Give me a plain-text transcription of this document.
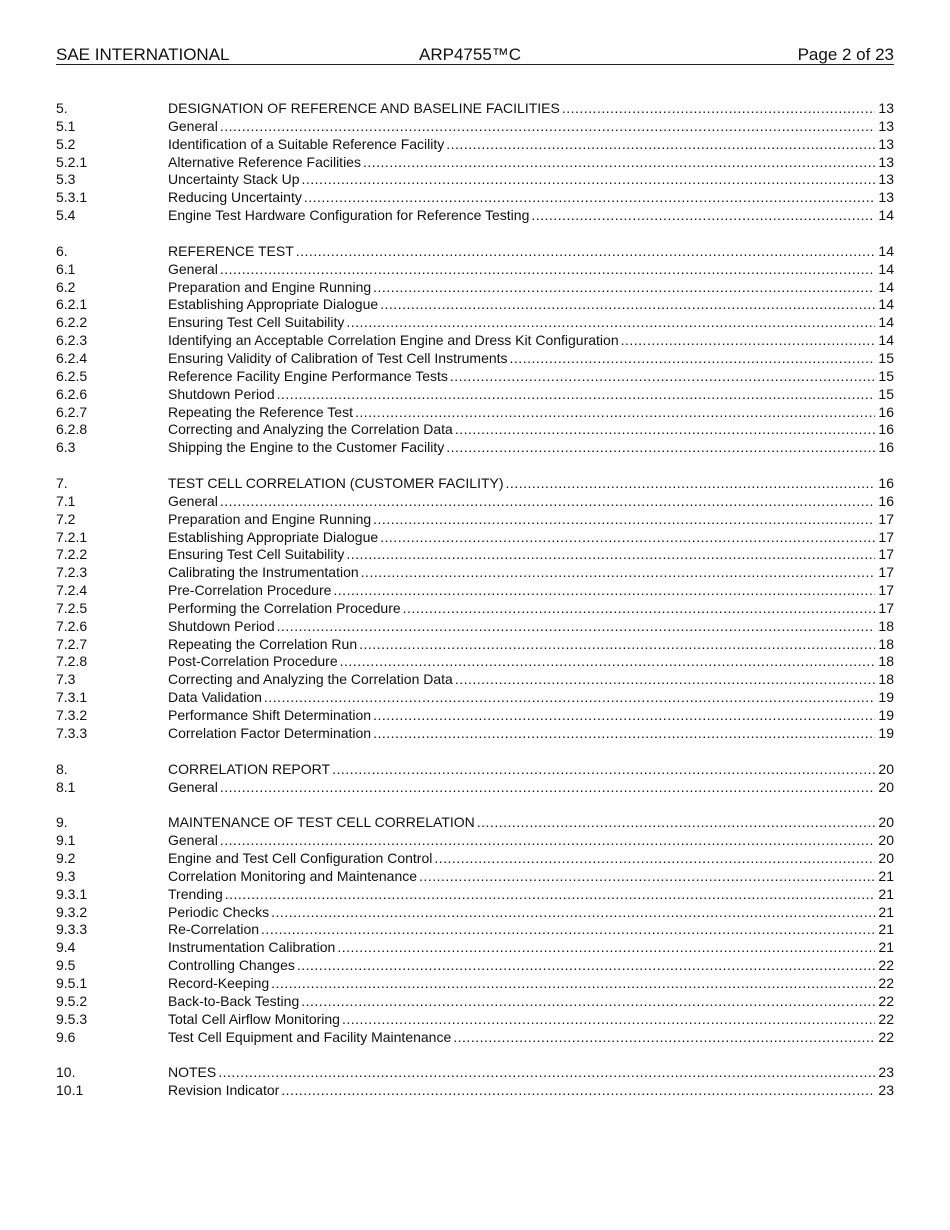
SAE INTERNATIONAL	ARP4755™C	Page 2 of 23
5.	DESIGNATION OF REFERENCE AND BASELINE FACILITIES .....	13
5.1	General .....	13
5.2	Identification of a Suitable Reference Facility .....	13
5.2.1	Alternative Reference Facilities .....	13
5.3	Uncertainty Stack Up .....	13
5.3.1	Reducing Uncertainty .....	13
5.4	Engine Test Hardware Configuration for Reference Testing .....	14
6.	REFERENCE TEST .....	14
6.1	General .....	14
6.2	Preparation and Engine Running .....	14
6.2.1	Establishing Appropriate Dialogue .....	14
6.2.2	Ensuring Test Cell Suitability .....	14
6.2.3	Identifying an Acceptable Correlation Engine and Dress Kit Configuration .....	14
6.2.4	Ensuring Validity of Calibration of Test Cell Instruments .....	15
6.2.5	Reference Facility Engine Performance Tests .....	15
6.2.6	Shutdown Period .....	15
6.2.7	Repeating the Reference Test .....	16
6.2.8	Correcting and Analyzing the Correlation Data .....	16
6.3	Shipping the Engine to the Customer Facility .....	16
7.	TEST CELL CORRELATION (CUSTOMER FACILITY) .....	16
7.1	General .....	16
7.2	Preparation and Engine Running .....	17
7.2.1	Establishing Appropriate Dialogue .....	17
7.2.2	Ensuring Test Cell Suitability .....	17
7.2.3	Calibrating the Instrumentation .....	17
7.2.4	Pre-Correlation Procedure .....	17
7.2.5	Performing the Correlation Procedure .....	17
7.2.6	Shutdown Period .....	18
7.2.7	Repeating the Correlation Run .....	18
7.2.8	Post-Correlation Procedure .....	18
7.3	Correcting and Analyzing the Correlation Data .....	18
7.3.1	Data Validation .....	19
7.3.2	Performance Shift Determination .....	19
7.3.3	Correlation Factor Determination .....	19
8.	CORRELATION REPORT .....	20
8.1	General .....	20
9.	MAINTENANCE OF TEST CELL CORRELATION .....	20
9.1	General .....	20
9.2	Engine and Test Cell Configuration Control .....	20
9.3	Correlation Monitoring and Maintenance .....	21
9.3.1	Trending .....	21
9.3.2	Periodic Checks .....	21
9.3.3	Re-Correlation .....	21
9.4	Instrumentation Calibration .....	21
9.5	Controlling Changes .....	22
9.5.1	Record-Keeping .....	22
9.5.2	Back-to-Back Testing .....	22
9.5.3	Total Cell Airflow Monitoring .....	22
9.6	Test Cell Equipment and Facility Maintenance .....	22
10.	NOTES .....	23
10.1	Revision Indicator .....	23
